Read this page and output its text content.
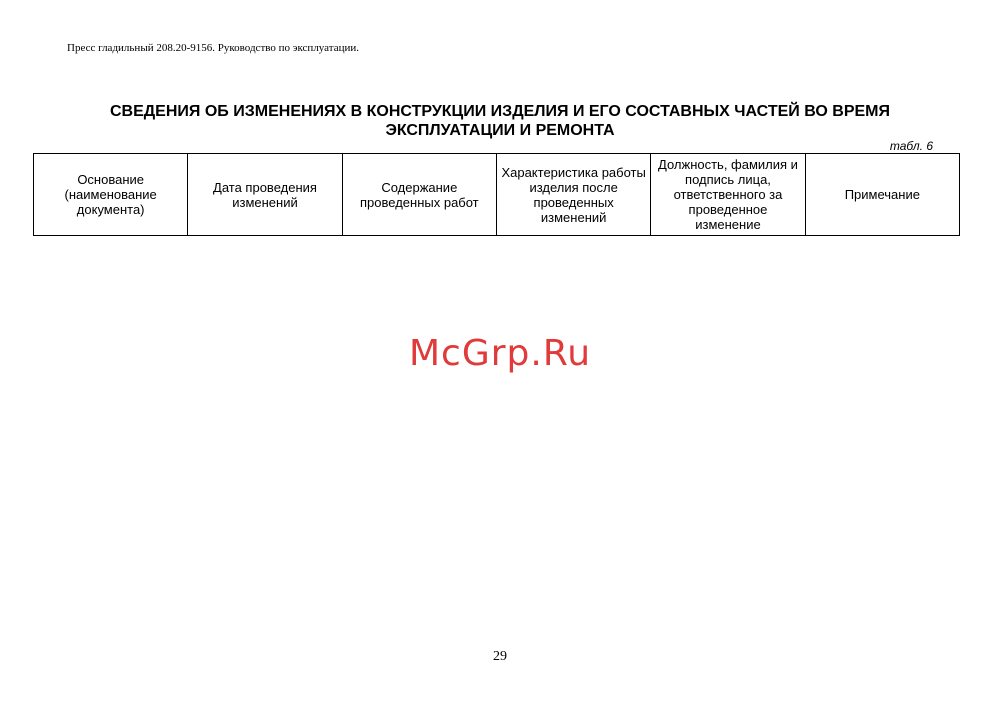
Пресс гладильный 208.20-9156. Руководство по эксплуатации.
СВЕДЕНИЯ ОБ ИЗМЕНЕНИЯХ В КОНСТРУКЦИИ ИЗДЕЛИЯ И ЕГО СОСТАВНЫХ ЧАСТЕЙ ВО ВРЕМЯ
ЭКСПЛУАТАЦИИ И РЕМОНТА
табл. 6
Основание (наименование документа)	Дата проведения изменений	Содержание проведенных работ	Характеристика работы изделия после проведенных изменений	Должность, фамилия и подпись лица, ответственного за проведенное изменение	Примечание
McGrp.Ru
29
